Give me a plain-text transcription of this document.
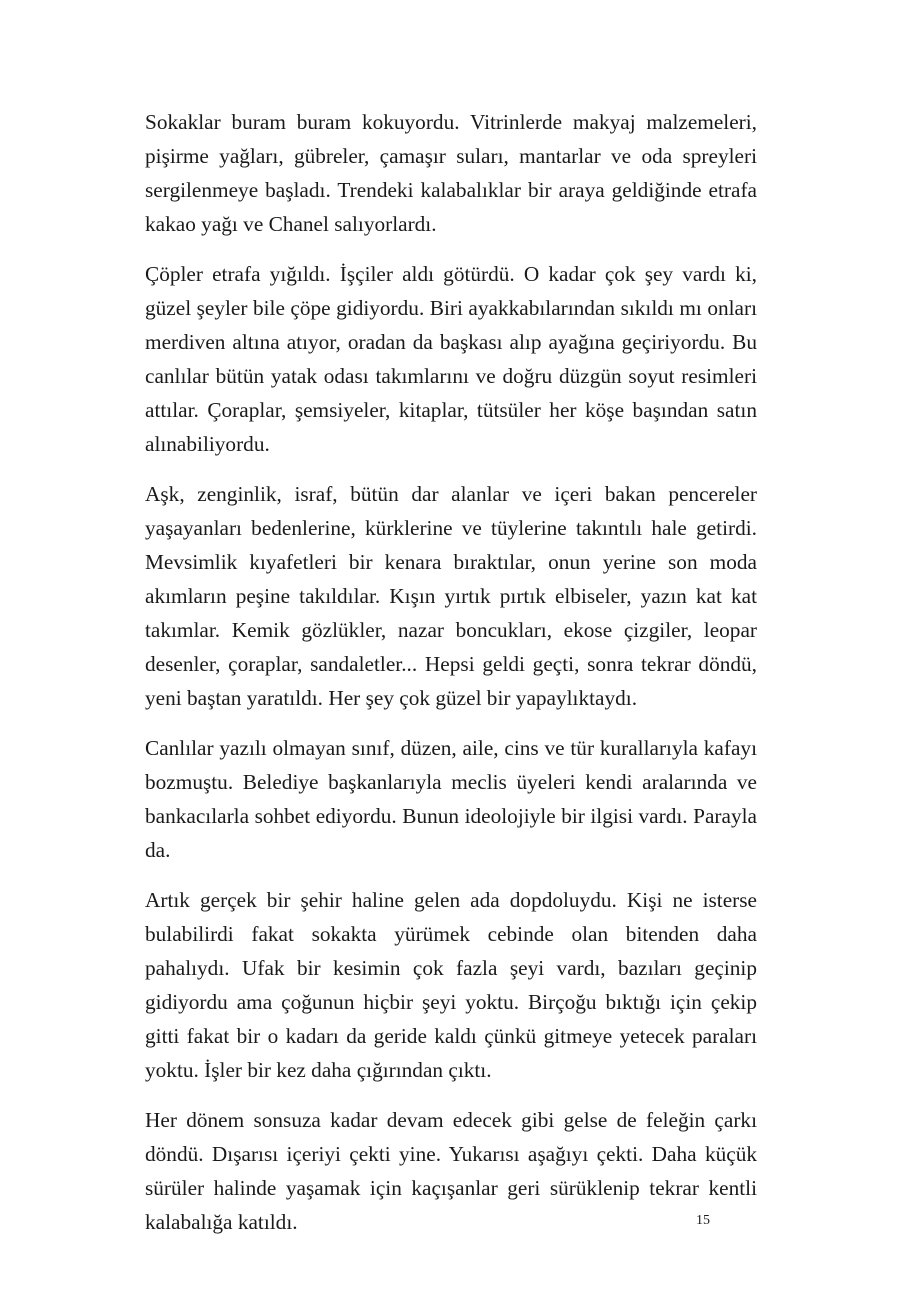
Sokaklar buram buram kokuyordu. Vitrinlerde makyaj malzemeleri, pişirme yağları, gübreler, çamaşır suları, mantarlar ve oda spreyleri sergilenmeye başladı. Trendeki kalabalıklar bir araya geldiğinde etrafa kakao yağı ve Chanel salıyorlardı.

Çöpler etrafa yığıldı. İşçiler aldı götürdü. O kadar çok şey vardı ki, güzel şeyler bile çöpe gidiyordu. Biri ayakkabılarından sıkıldı mı onları merdiven altına atıyor, oradan da başkası alıp ayağına geçiriyordu. Bu canlılar bütün yatak odası takımlarını ve doğru düzgün soyut resimleri attılar. Çoraplar, şemsiyeler, kitaplar, tütsüler her köşe başından satın alınabiliyordu.

Aşk, zenginlik, israf, bütün dar alanlar ve içeri bakan pencereler yaşayanları bedenlerine, kürklerine ve tüylerine takıntılı hale getirdi. Mevsimlik kıyafetleri bir kenara bıraktılar, onun yerine son moda akımların peşine takıldılar. Kışın yırtık pırtık elbiseler, yazın kat kat takımlar. Kemik gözlükler, nazar boncukları, ekose çizgiler, leopar desenler, çoraplar, sandaletler... Hepsi geldi geçti, sonra tekrar döndü, yeni baştan yaratıldı. Her şey çok güzel bir yapaylıktaydı.

Canlılar yazılı olmayan sınıf, düzen, aile, cins ve tür kurallarıyla kafayı bozmuştu. Belediye başkanlarıyla meclis üyeleri kendi aralarında ve bankacılarla sohbet ediyordu. Bunun ideolojiyle bir ilgisi vardı. Parayla da.

Artık gerçek bir şehir haline gelen ada dopdoluydu. Kişi ne isterse bulabilirdi fakat sokakta yürümek cebinde olan bitenden daha pahalıydı. Ufak bir kesimin çok fazla şeyi vardı, bazıları geçinip gidiyordu ama çoğunun hiçbir şeyi yoktu. Birçoğu bıktığı için çekip gitti fakat bir o kadarı da geride kaldı çünkü gitmeye yetecek paraları yoktu. İşler bir kez daha çığırından çıktı.

Her dönem sonsuza kadar devam edecek gibi gelse de feleğin çarkı döndü. Dışarısı içeriyi çekti yine. Yukarısı aşağıyı çekti. Daha küçük sürüler halinde yaşamak için kaçışanlar geri sürüklenip tekrar kentli kalabalığa katıldı.	15
